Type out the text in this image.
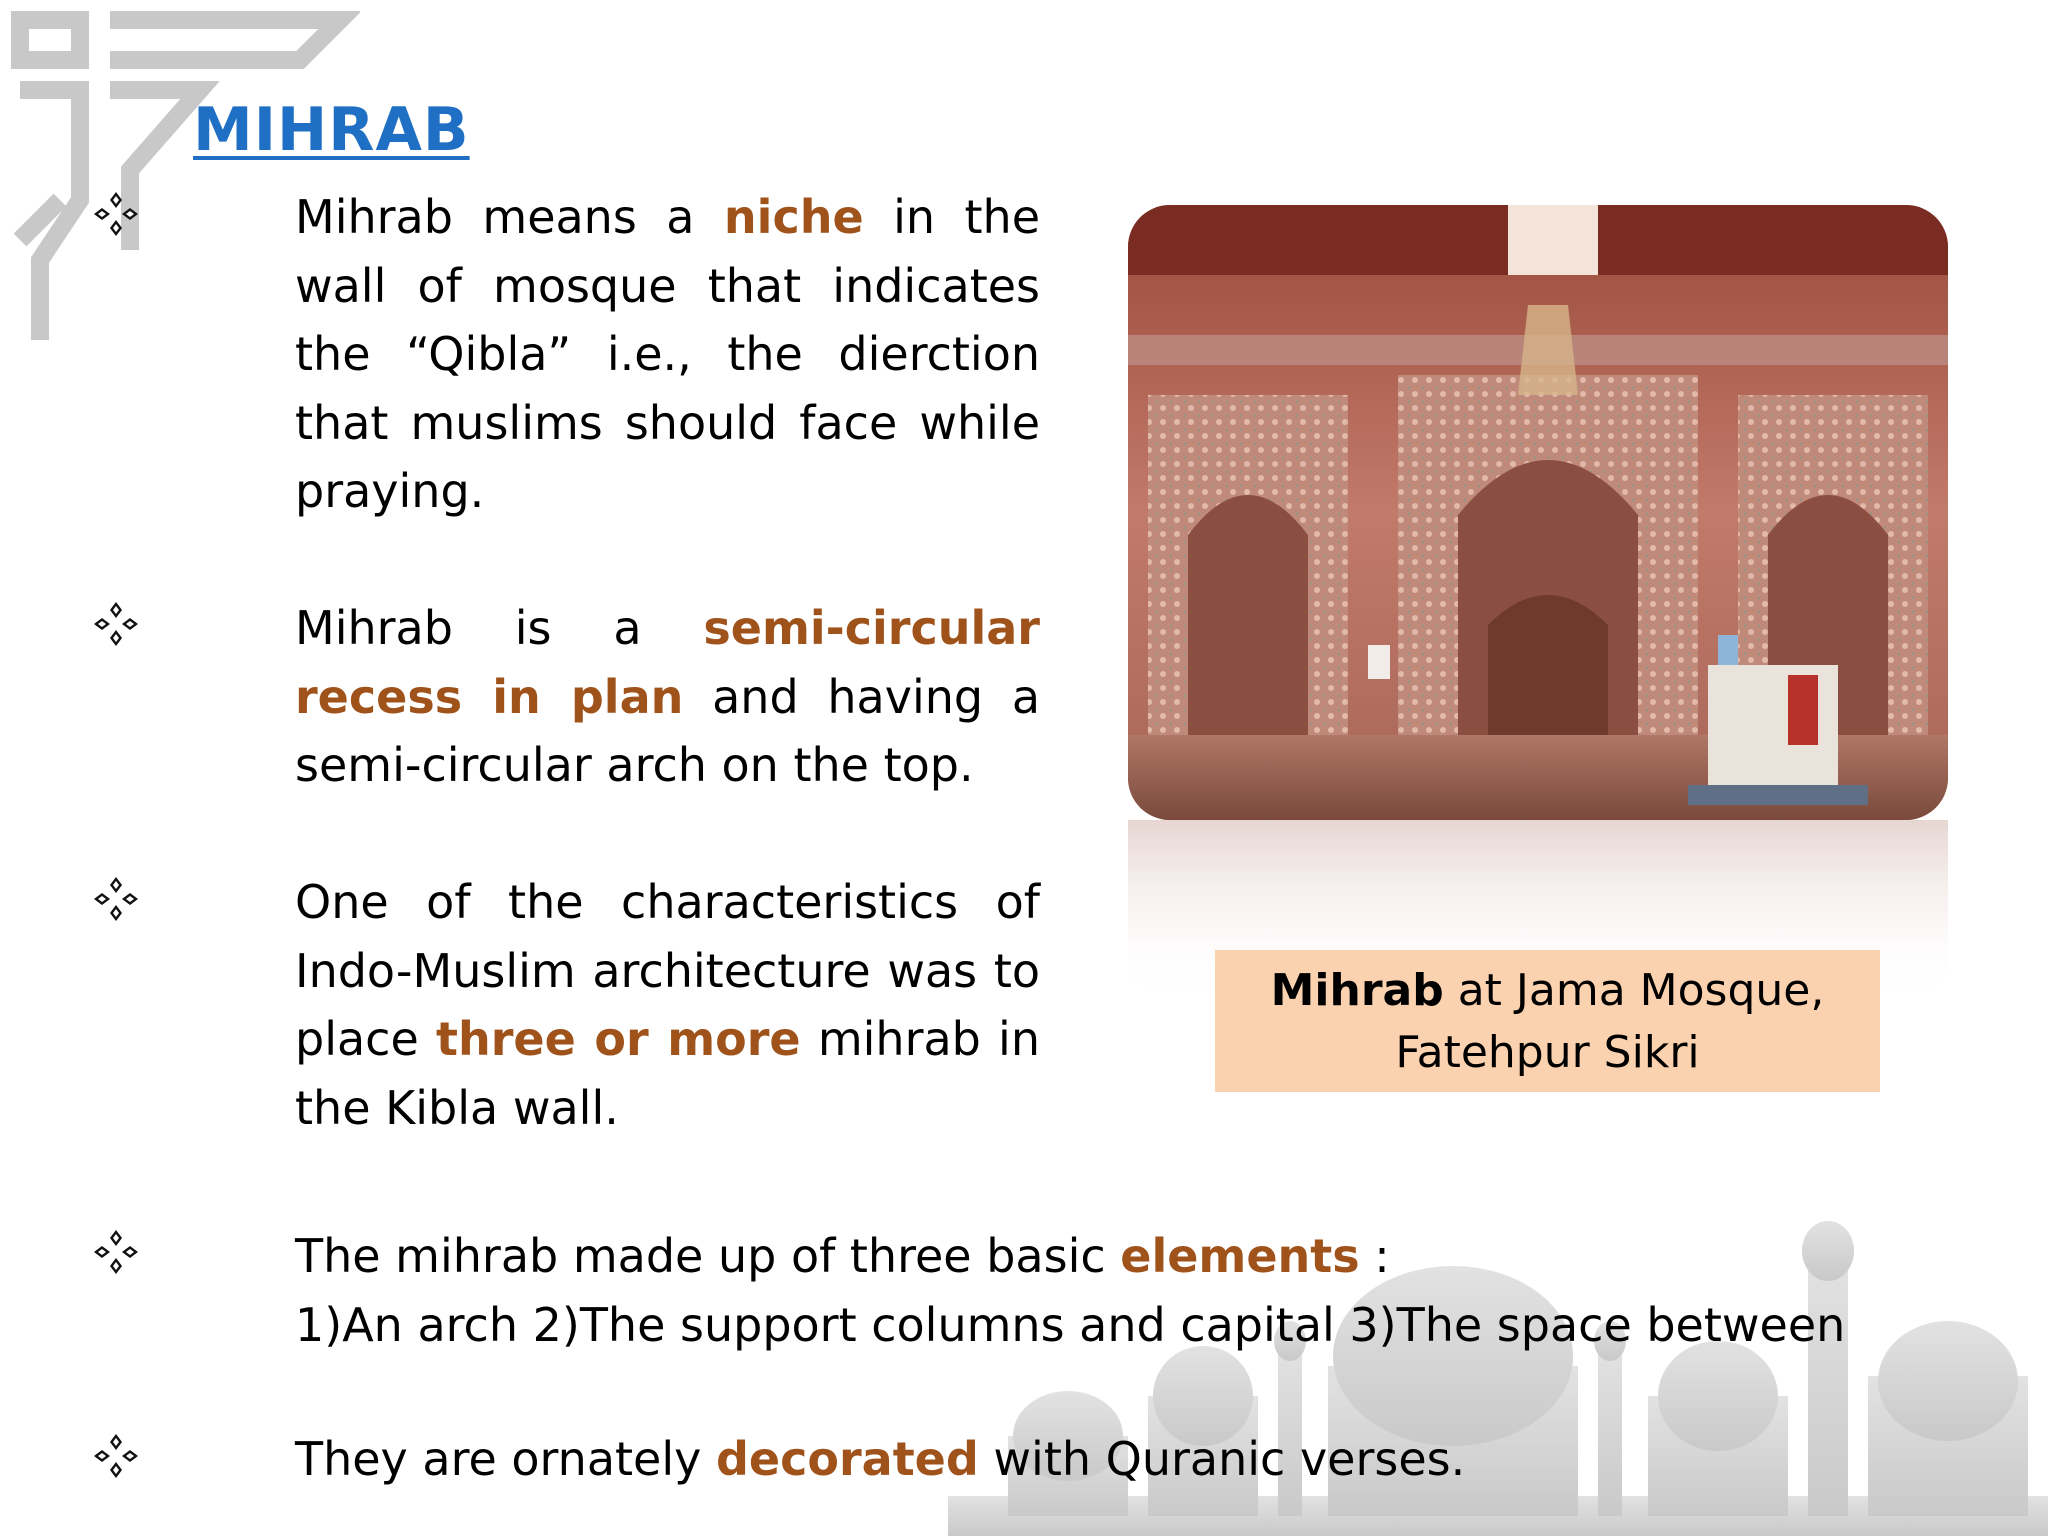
MIHRAB
Mihrab means a niche in the wall of mosque that indicates the “Qibla” i.e., the dierction that muslims should face while praying.
Mihrab is a semi-circular recess in plan and having a semi-circular arch on the top.
One of the characteristics of Indo-Muslim architecture was to place three or more mihrab in the Kibla wall.
The mihrab made up of three basic elements :
1)An arch 2)The support columns and capital 3)The space between
They are ornately decorated with Quranic verses.
Mihrab at Jama Mosque,
Fatehpur Sikri
